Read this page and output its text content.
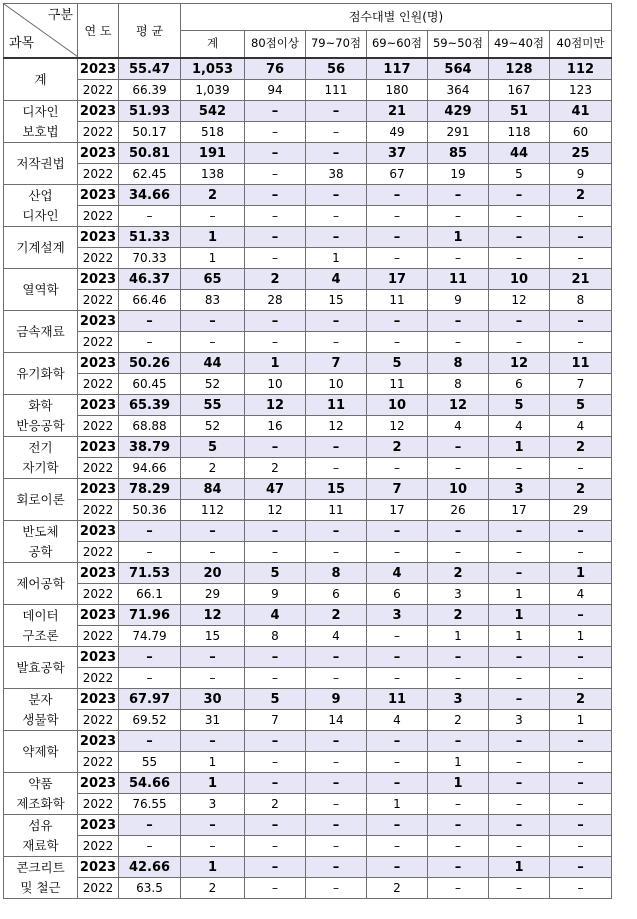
구분
과목	연 도	평 균	점수대별 인원(명)						
			계	80점이상	79~70점	69~60점	59~50점	49~40점	40점미만
계	2023	55.47	1,053	76	56	117	564	128	112
	2022	66.39	1,039	94	111	180	364	167	123
디자인
보호법	2023	51.93	542	–	–	21	429	51	41
	2022	50.17	518	–	–	49	291	118	60
저작권법	2023	50.81	191	–	–	37	85	44	25
	2022	62.45	138	–	38	67	19	5	9
산업
디자인	2023	34.66	2	–	–	–	–	–	2
	2022	–	–	–	–	–	–	–	–
기계설계	2023	51.33	1	–	–	–	1	–	–
	2022	70.33	1	–	1	–	–	–	–
열역학	2023	46.37	65	2	4	17	11	10	21
	2022	66.46	83	28	15	11	9	12	8
금속재료	2023	–	–	–	–	–	–	–	–
	2022	–	–	–	–	–	–	–	–
유기화학	2023	50.26	44	1	7	5	8	12	11
	2022	60.45	52	10	10	11	8	6	7
화학
반응공학	2023	65.39	55	12	11	10	12	5	5
	2022	68.88	52	16	12	12	4	4	4
전기
자기학	2023	38.79	5	–	–	2	–	1	2
	2022	94.66	2	2	–	–	–	–	–
회로이론	2023	78.29	84	47	15	7	10	3	2
	2022	50.36	112	12	11	17	26	17	29
반도체
공학	2023	–	–	–	–	–	–	–	–
	2022	–	–	–	–	–	–	–	–
제어공학	2023	71.53	20	5	8	4	2	–	1
	2022	66.1	29	9	6	6	3	1	4
데이터
구조론	2023	71.96	12	4	2	3	2	1	–
	2022	74.79	15	8	4	–	1	1	1
발효공학	2023	–	–	–	–	–	–	–	–
	2022	–	–	–	–	–	–	–	–
분자
생물학	2023	67.97	30	5	9	11	3	–	2
	2022	69.52	31	7	14	4	2	3	1
약제학	2023	–	–	–	–	–	–	–	–
	2022	55	1	–	–	–	1	–	–
약품
제조화학	2023	54.66	1	–	–	–	1	–	–
	2022	76.55	3	2	–	1	–	–	–
섬유
재료학	2023	–	–	–	–	–	–	–	–
	2022	–	–	–	–	–	–	–	–
콘크리트
및 철근	2023	42.66	1	–	–	–	–	1	–
	2022	63.5	2	–	–	2	–	–	–
